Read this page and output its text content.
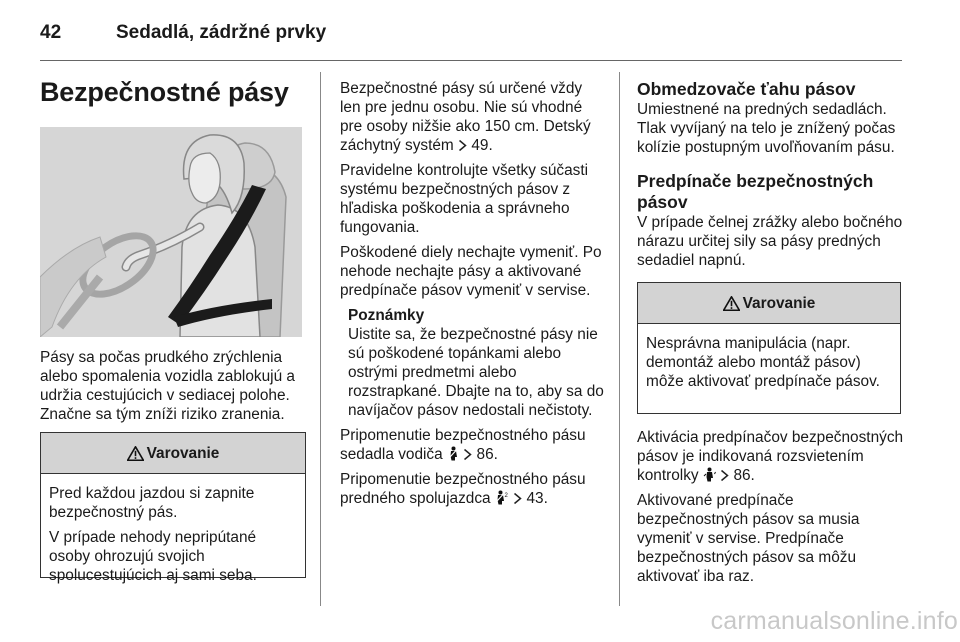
42	Sedadlá, zádržné prvky
Bezpečnostné pásy

Pásy sa počas prudkého zrýchlenia alebo spomalenia vozidla zablokujú a udržia cestujúcich v sediacej polohe. Značne sa tým zníži riziko zranenia.

Varovanie

Pred každou jazdou si zapnite bezpečnostný pás.

V prípade nehody nepripútané osoby ohrozujú svojich spolucestujúcich aj sami seba.

Bezpečnostné pásy sú určené vždy len pre jednu osobu. Nie sú vhodné pre osoby nižšie ako 150 cm. Detský záchytný systém 49.

Pravidelne kontrolujte všetky súčasti systému bezpečnostných pásov z hľadiska poškodenia a správneho fungovania.

Poškodené diely nechajte vymeniť. Po nehode nechajte pásy a aktivované predpínače pásov vymeniť v servise.

Poznámky
Uistite sa, že bezpečnostné pásy nie sú poškodené topánkami alebo ostrými predmetmi alebo rozstrapkané. Dbajte na to, aby sa do navíjačov pásov nedostali nečistoty.

Pripomenutie bezpečnostného pásu sedadla vodiča 86.

Pripomenutie bezpečnostného pásu predného spolujazdca 2 43.

Obmedzovače ťahu pásov

Umiestnené na predných sedadlách. Tlak vyvíjaný na telo je znížený počas kolízie postupným uvoľňovaním pásu.

Predpínače bezpečnostných pásov

V prípade čelnej zrážky alebo bočného nárazu určitej sily sa pásy predných sedadiel napnú.

Varovanie

Nesprávna manipulácia (napr. demontáž alebo montáž pásov) môže aktivovať predpínače pásov.

Aktivácia predpínačov bezpečnostných pásov je indikovaná rozsvietením kontrolky 86.

Aktivované predpínače bezpečnostných pásov sa musia vymeniť v servise. Predpínače bezpečnostných pásov sa môžu aktivovať iba raz.

carmanualsonline.info
